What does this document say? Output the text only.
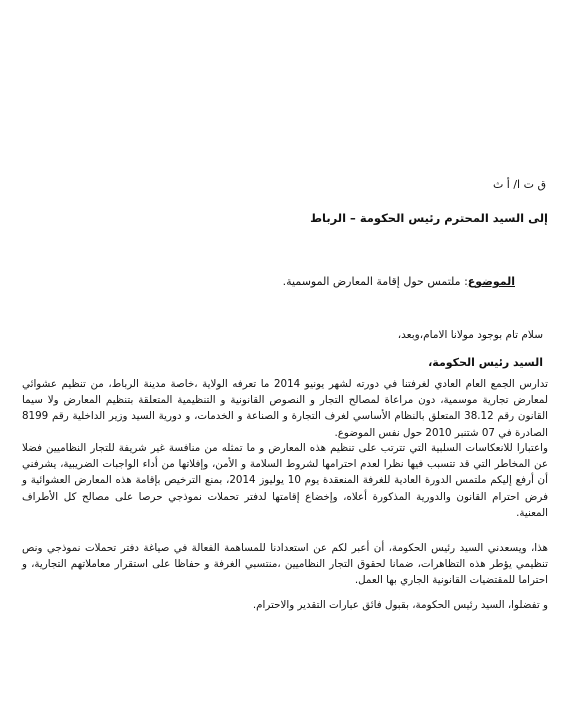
ق ت ا/ أ ث
إلى السيد المحترم رئيس الحكومة – الرباط
الموضوع: ملتمس حول إقامة المعارض الموسمية.
سلام تام بوجود مولانا الامام،وبعد،
السيد رئيس الحكومة،
تدارس الجمع العام العادي لغرفتنا في دورته لشهر يونيو 2014 ما تعرفه الولاية ،خاصة مدينة الرباط، من تنظيم عشوائي لمعارض تجارية موسمية، دون مراعاة لمصالح التجار و النصوص القانونية و التنظيمية المتعلقة بتنظيم المعارض ولا سيما القانون رقم 38.12 المتعلق بالنظام الأساسي لغرف التجارة و الصناعة و الخدمات، و دورية السيد وزير الداخلية رقم 8199 الصادرة في 07 شتنبر 2010 حول نفس الموضوع.
واعتبارا للانعكاسات السلبية التي تترتب على تنظيم هذه المعارض و ما تمثله من منافسة غير شريفة للتجار النظاميين فضلا عن المخاطر التي قد تتسبب فيها نظرا لعدم احترامها لشروط السلامة و الأمن، وإفلاتها من أداء الواجبات الضريبية، يشرفني أن أرفع إليكم ملتمس الدورة العادية للغرفة المنعقدة يوم 10 يوليوز 2014، بمنع الترخيص بإقامة هذه المعارض العشوائية و فرض احترام القانون والدورية المذكورة أعلاه، وإخضاع إقامتها لدفتر تحملات نموذجي حرصا على مصالح كل الأطراف المعنية.
هذا، ويسعدني السيد رئيس الحكومة، أن أعبر لكم عن استعدادنا للمساهمة الفعالة في صياغة دفتر تحملات نموذجي ونص تنظيمي يؤطر هذه التظاهرات، ضمانا لحقوق التجار النظاميين ،منتسبي الغرفة و حفاظا على استقرار معاملاتهم التجارية، و احتراما للمقتضيات القانونية الجاري بها العمل.
و تفضلوا، السيد رئيس الحكومة، بقبول فائق عبارات التقدير والاحترام.
